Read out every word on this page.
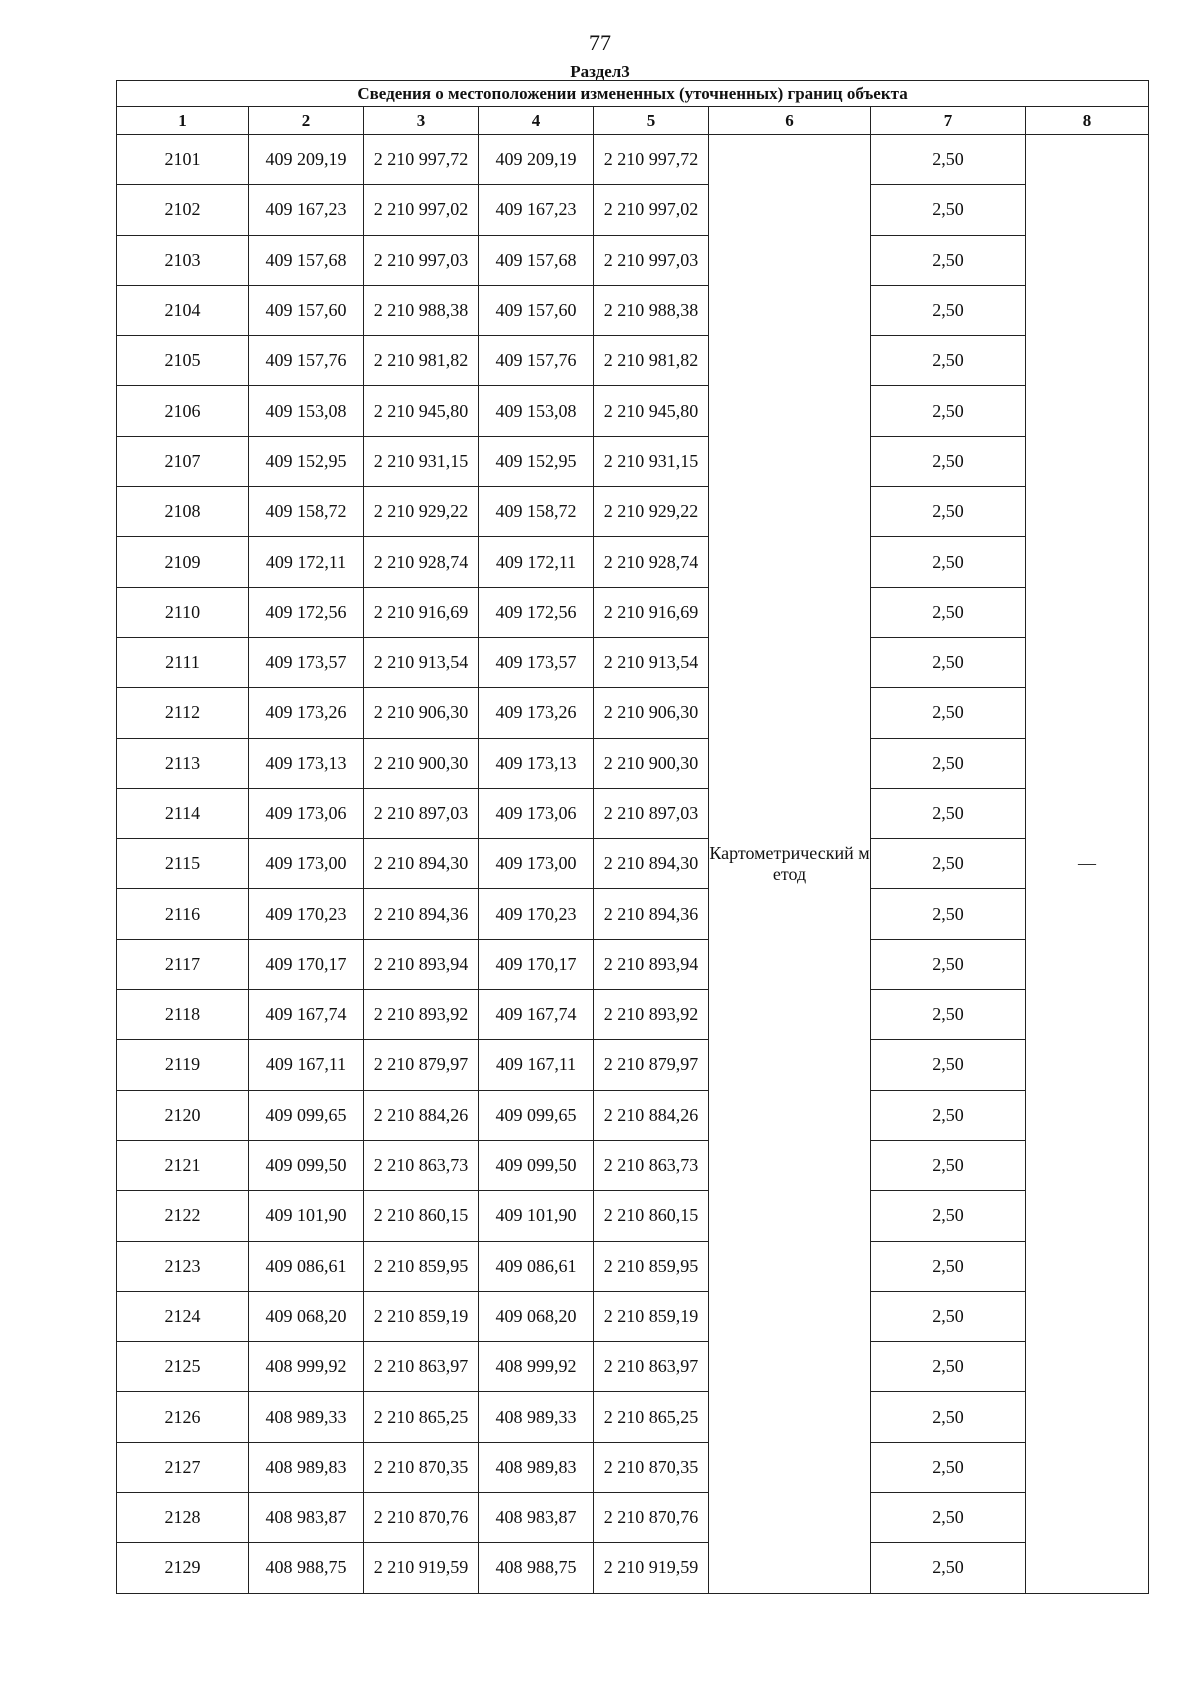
77
Раздел3
Сведения о местоположении измененных (уточненных) границ объекта							
1	2	3	4	5	6	7	8
2101	409 209,19	2 210 997,72	409 209,19	2 210 997,72	Картометрический метод	2,50	—
2102	409 167,23	2 210 997,02	409 167,23	2 210 997,02		2,50	
2103	409 157,68	2 210 997,03	409 157,68	2 210 997,03		2,50	
2104	409 157,60	2 210 988,38	409 157,60	2 210 988,38		2,50	
2105	409 157,76	2 210 981,82	409 157,76	2 210 981,82		2,50	
2106	409 153,08	2 210 945,80	409 153,08	2 210 945,80		2,50	
2107	409 152,95	2 210 931,15	409 152,95	2 210 931,15		2,50	
2108	409 158,72	2 210 929,22	409 158,72	2 210 929,22		2,50	
2109	409 172,11	2 210 928,74	409 172,11	2 210 928,74		2,50	
2110	409 172,56	2 210 916,69	409 172,56	2 210 916,69		2,50	
2111	409 173,57	2 210 913,54	409 173,57	2 210 913,54		2,50	
2112	409 173,26	2 210 906,30	409 173,26	2 210 906,30		2,50	
2113	409 173,13	2 210 900,30	409 173,13	2 210 900,30		2,50	
2114	409 173,06	2 210 897,03	409 173,06	2 210 897,03		2,50	
2115	409 173,00	2 210 894,30	409 173,00	2 210 894,30		2,50	
2116	409 170,23	2 210 894,36	409 170,23	2 210 894,36		2,50	
2117	409 170,17	2 210 893,94	409 170,17	2 210 893,94		2,50	
2118	409 167,74	2 210 893,92	409 167,74	2 210 893,92		2,50	
2119	409 167,11	2 210 879,97	409 167,11	2 210 879,97		2,50	
2120	409 099,65	2 210 884,26	409 099,65	2 210 884,26		2,50	
2121	409 099,50	2 210 863,73	409 099,50	2 210 863,73		2,50	
2122	409 101,90	2 210 860,15	409 101,90	2 210 860,15		2,50	
2123	409 086,61	2 210 859,95	409 086,61	2 210 859,95		2,50	
2124	409 068,20	2 210 859,19	409 068,20	2 210 859,19		2,50	
2125	408 999,92	2 210 863,97	408 999,92	2 210 863,97		2,50	
2126	408 989,33	2 210 865,25	408 989,33	2 210 865,25		2,50	
2127	408 989,83	2 210 870,35	408 989,83	2 210 870,35		2,50	
2128	408 983,87	2 210 870,76	408 983,87	2 210 870,76		2,50	
2129	408 988,75	2 210 919,59	408 988,75	2 210 919,59		2,50	
